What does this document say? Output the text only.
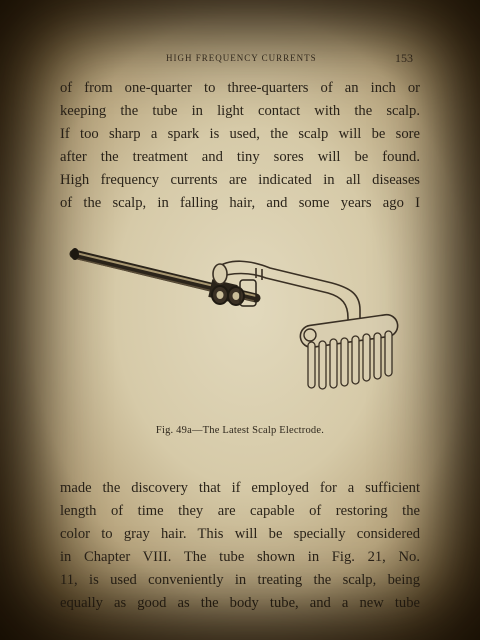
HIGH FREQUENCY CURRENTS	153
of from one-quarter to three-quarters of an inch or
keeping the tube in light contact with the scalp.
If too sharp a spark is used, the scalp will be sore
after the treatment and tiny sores will be found.
High frequency currents are indicated in all diseases
of the scalp, in falling hair, and some years ago I
Fig. 49a—The Latest Scalp Electrode.
made the discovery that if employed for a sufficient
length of time they are capable of restoring the
color to gray hair. This will be specially considered
in Chapter VIII. The tube shown in Fig. 21, No.
11, is used conveniently in treating the scalp, being
equally as good as the body tube, and a new tube
